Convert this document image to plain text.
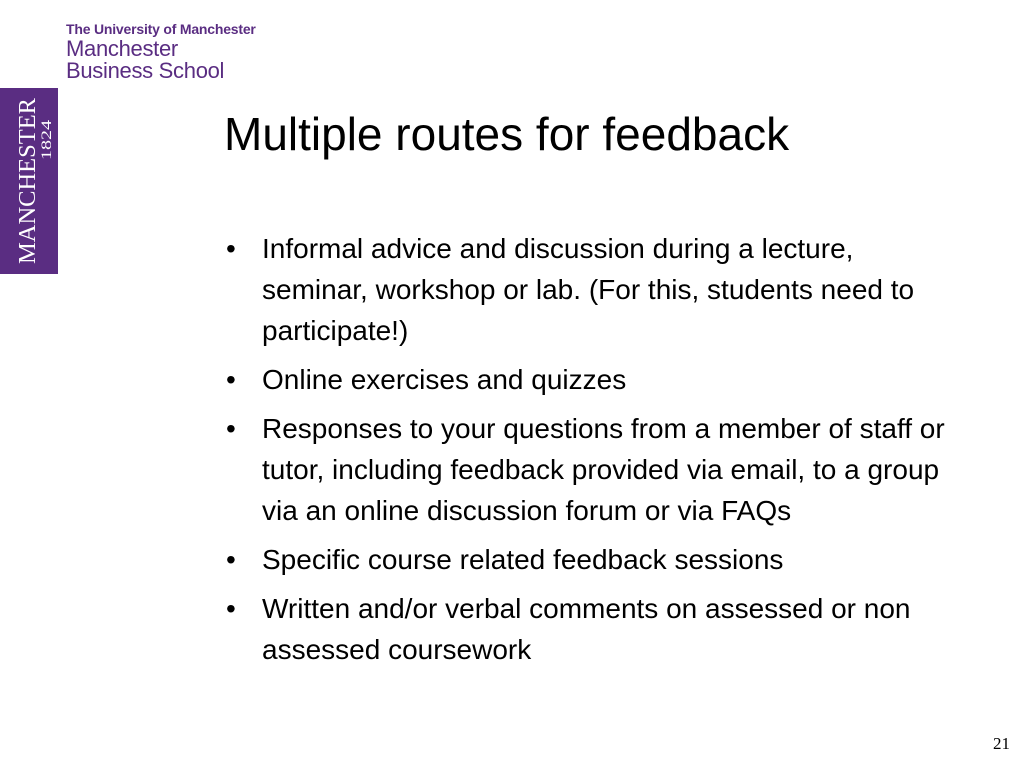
The University of Manchester
Manchester
Business School
MANCHESTER
1824	Multiple routes for feedback
• Informal advice and discussion during a lecture, seminar, workshop or lab. (For this, students need to participate!)
• Online exercises and quizzes
• Responses to your questions from a member of staff or tutor, including feedback provided via email, to a group via an online discussion forum or via FAQs
• Specific course related feedback sessions
• Written and/or verbal comments on assessed or non assessed coursework
21
